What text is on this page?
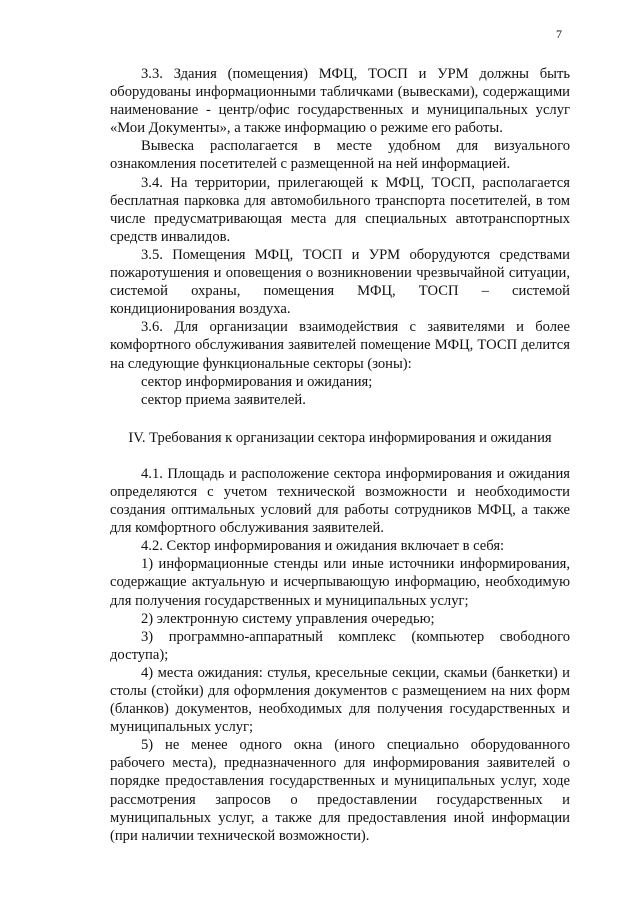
7

3.3. Здания (помещения) МФЦ, ТОСП и УРМ должны быть оборудованы информационными табличками (вывесками), содержащими наименование - центр/офис государственных и муниципальных услуг «Мои Документы», а также информацию о режиме его работы.

Вывеска располагается в месте удобном для визуального ознакомления посетителей с размещенной на ней информацией.

3.4. На территории, прилегающей к МФЦ, ТОСП, располагается бесплатная парковка для автомобильного транспорта посетителей, в том числе предусматривающая места для специальных автотранспортных средств инвалидов.

3.5. Помещения МФЦ, ТОСП и УРМ оборудуются средствами пожаротушения и оповещения о возникновении чрезвычайной ситуации, системой охраны, помещения МФЦ, ТОСП – системой кондиционирования воздуха.

3.6. Для организации взаимодействия с заявителями и более комфортного обслуживания заявителей помещение МФЦ, ТОСП делится на следующие функциональные секторы (зоны):

сектор информирования и ожидания;

сектор приема заявителей.

IV. Требования к организации сектора информирования и ожидания

4.1. Площадь и расположение сектора информирования и ожидания определяются с учетом технической возможности и необходимости создания оптимальных условий для работы сотрудников МФЦ, а также для комфортного обслуживания заявителей.

4.2. Сектор информирования и ожидания включает в себя:

1) информационные стенды или иные источники информирования, содержащие актуальную и исчерпывающую информацию, необходимую для получения государственных и муниципальных услуг;

2) электронную систему управления очередью;

3) программно-аппаратный комплекс (компьютер свободного доступа);

4) места ожидания: стулья, кресельные секции, скамьи (банкетки) и столы (стойки) для оформления документов с размещением на них форм (бланков) документов, необходимых для получения государственных и муниципальных услуг;

5) не менее одного окна (иного специально оборудованного рабочего места), предназначенного для информирования заявителей о порядке предоставления государственных и муниципальных услуг, ходе рассмотрения запросов о предоставлении государственных и муниципальных услуг, а также для предоставления иной информации (при наличии технической возможности).
